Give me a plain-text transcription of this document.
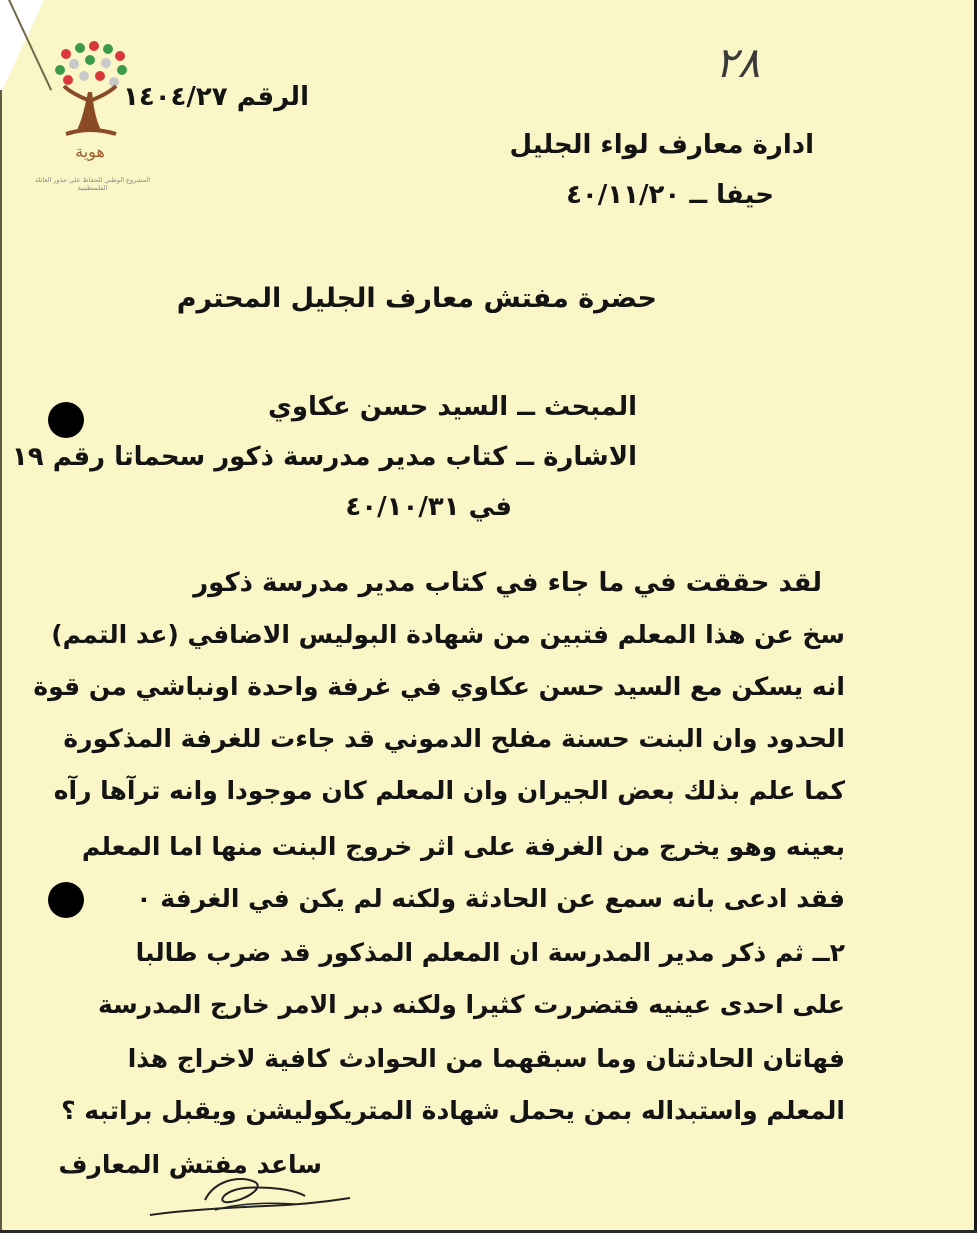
هوية
المشروع الوطني للحفاظ على جذور العائلة الفلسطينية
٢٨
الرقم ١٤٠٤/٢٧
ادارة معارف لواء الجليل
حيفا ــ ٤٠/١١/٢٠
حضرة مفتش معارف الجليل المحترم
المبحث ــ السيد حسن عكاوي
الاشارة ــ كتاب مدير مدرسة ذكور سحماتا رقم ١٩
في ٤٠/١٠/٣١
لقد حققت في ما جاء في كتاب مدير مدرسة ذكور
سخ عن هذا المعلم فتبين من شهادة البوليس الاضافي (عد التمم)
انه يسكن مع السيد حسن عكاوي في غرفة واحدة اونباشي من قوة
الحدود وان البنت حسنة مفلح الدموني قد جاءت للغرفة المذكورة
كما علم بذلك بعض الجيران وان المعلم كان موجودا وانه ترآها رآه
بعينه وهو يخرج من الغرفة على اثر خروج البنت منها اما المعلم
فقد ادعى بانه سمع عن الحادثة ولكنه لم يكن في الغرفة ٠
٢ــ ثم ذكر مدير المدرسة ان المعلم المذكور قد ضرب طالبا
على احدى عينيه فتضررت كثيرا ولكنه دبر الامر خارج المدرسة
فهاتان الحادثتان وما سبقهما من الحوادث كافية لاخراج هذا
المعلم واستبداله بمن يحمل شهادة المتريكوليشن ويقبل براتبه ؟
ساعد مفتش المعارف
